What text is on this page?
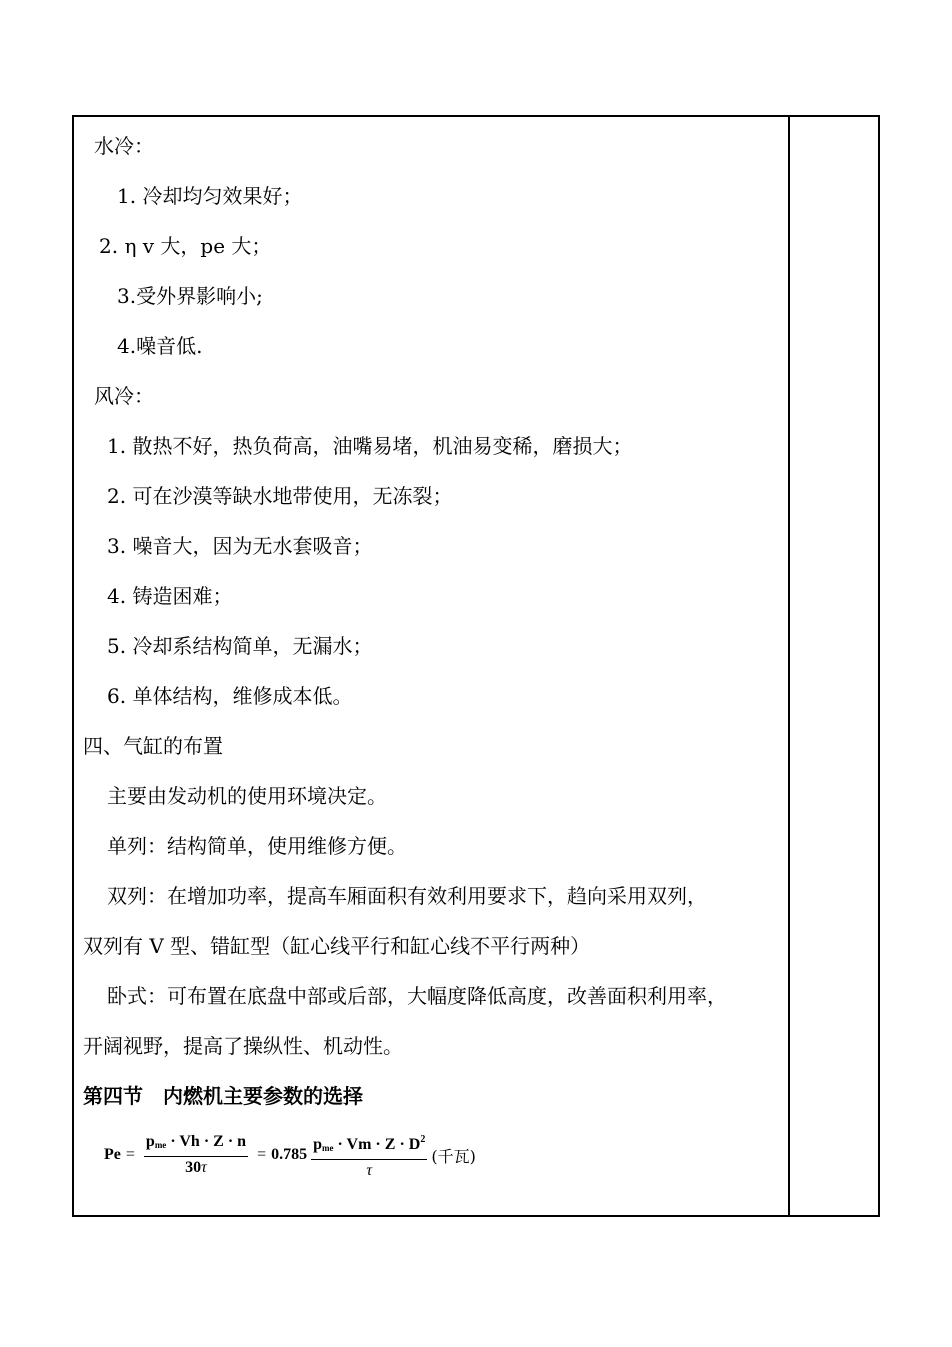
水冷：
1. 冷却均匀效果好；
2. η v 大，pe 大；
3.受外界影响小;
4.噪音低.
风冷：
1. 散热不好，热负荷高，油嘴易堵，机油易变稀，磨损大；
2. 可在沙漠等缺水地带使用，无冻裂；
3. 噪音大，因为无水套吸音；
4. 铸造困难；
5. 冷却系结构简单，无漏水；
6. 单体结构，维修成本低。
四、气缸的布置
主要由发动机的使用环境决定。
单列：结构简单，使用维修方便。
双列：在增加功率，提高车厢面积有效利用要求下，趋向采用双列，
双列有 V 型、错缸型（缸心线平行和缸心线不平行两种）
卧式：可布置在底盘中部或后部，大幅度降低高度，改善面积利用率，
开阔视野，提高了操纵性、机动性。
第四节　内燃机主要参数的选择
$Pe = \frac{p_{me} \cdot Vh \cdot Z \cdot n}{30\tau} = 0.785 \frac{p_{me} \cdot Vm \cdot Z \cdot D^2}{\tau}$ (千瓦)
